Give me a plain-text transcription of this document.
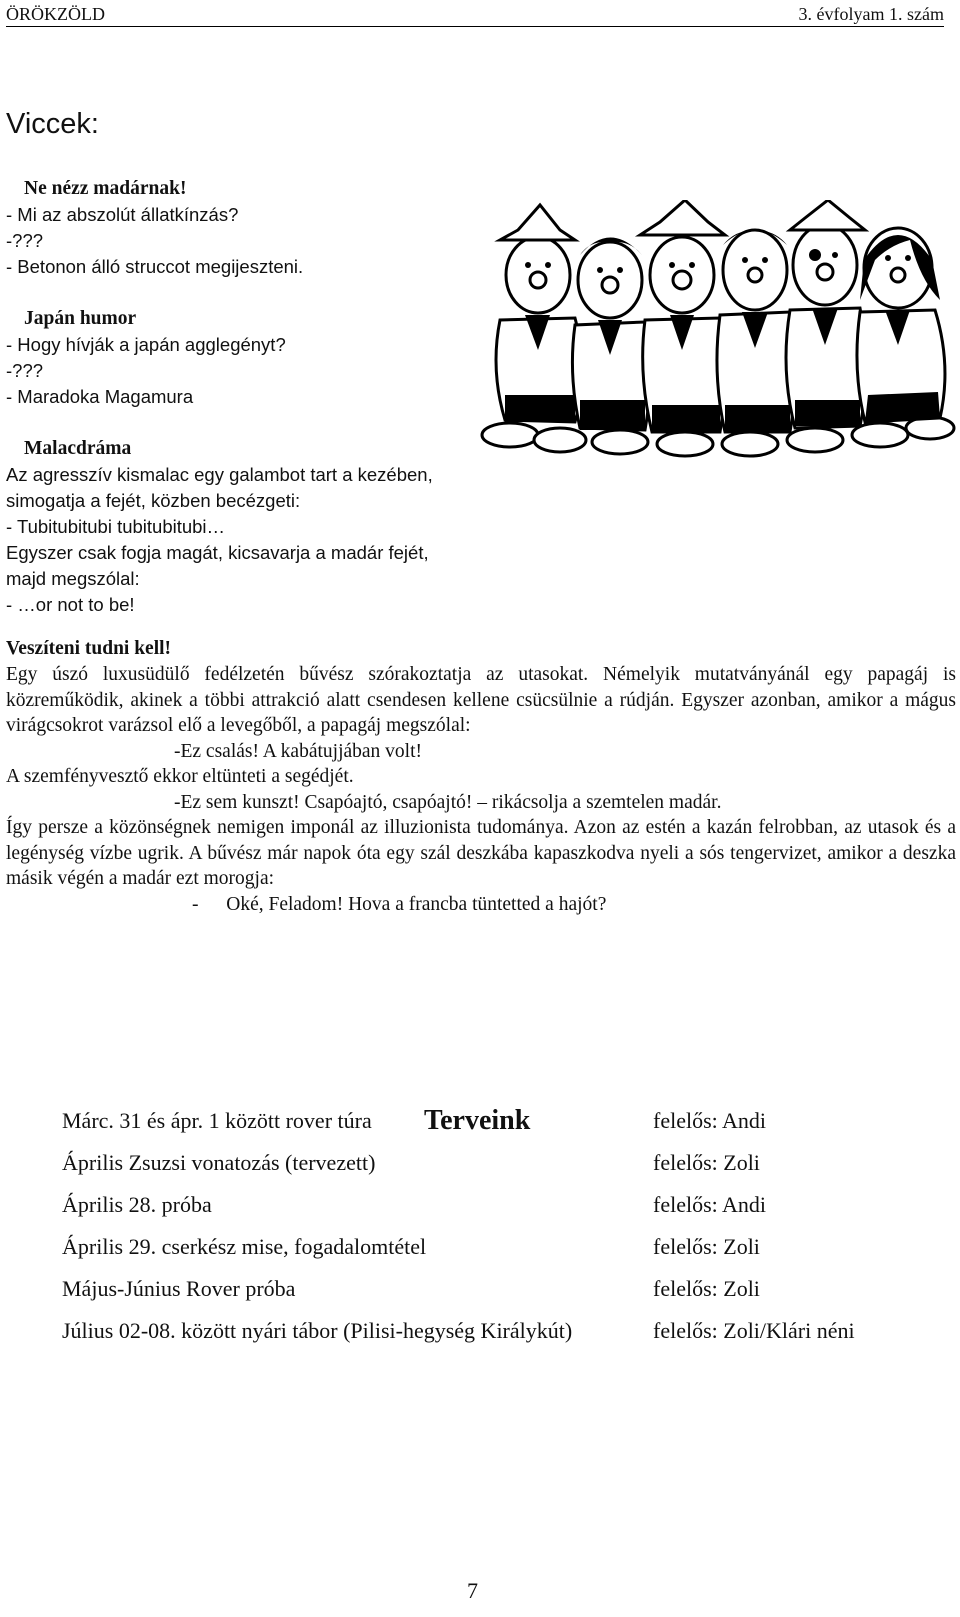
ÖRÖKZÖLD	3. évfolyam 1. szám
Viccek:
Ne nézz madárnak!
- Mi az abszolút állatkínzás?
-???
- Betonon álló struccot megijeszteni.
Japán humor
- Hogy hívják a japán agglegényt?
-???
- Maradoka Magamura
Malacdráma
Az agresszív kismalac egy galambot tart a kezében,
simogatja a fejét, közben becézgeti:
- Tubitubitubi tubitubitubi…
Egyszer csak fogja magát, kicsavarja a madár fejét,
majd megszólal:
- …or not to be!
Veszíteni tudni kell!

Egy úszó luxusüdülő fedélzetén bűvész szórakoztatja az utasokat. Némelyik mutatványánál egy papagáj is közreműködik, akinek a többi attrakció alatt csendesen kellene csücsülnie a rúdján. Egyszer azonban, amikor a mágus virágcsokrot varázsol elő a levegőből, a papagáj megszólal:

-Ez csalás! A kabátujjában volt!

A szemfényvesztő ekkor eltünteti a segédjét.

-Ez sem kunszt! Csapóajtó, csapóajtó! – rikácsolja a szemtelen madár.

Így persze a közönségnek nemigen imponál az illuzionista tudománya. Azon az estén a kazán felrobban, az utasok és a legénység vízbe ugrik. A bűvész már napok óta egy szál deszkába kapaszkodva nyeli a sós tengervizet, amikor a deszka másik végén a madár ezt morogja:

- Oké, Feladom! Hova a francba tüntetted a hajót?

Terveink
Márc. 31 és ápr. 1 között rover túra	felelős: Andi
Április Zsuzsi vonatozás (tervezett)	felelős: Zoli
Április 28. próba	felelős: Andi
Április 29. cserkész mise, fogadalomtétel	felelős: Zoli
Május-Június Rover próba	felelős: Zoli
Július 02-08. között nyári tábor (Pilisi-hegység Királykút)	felelős: Zoli/Klári néni
7
